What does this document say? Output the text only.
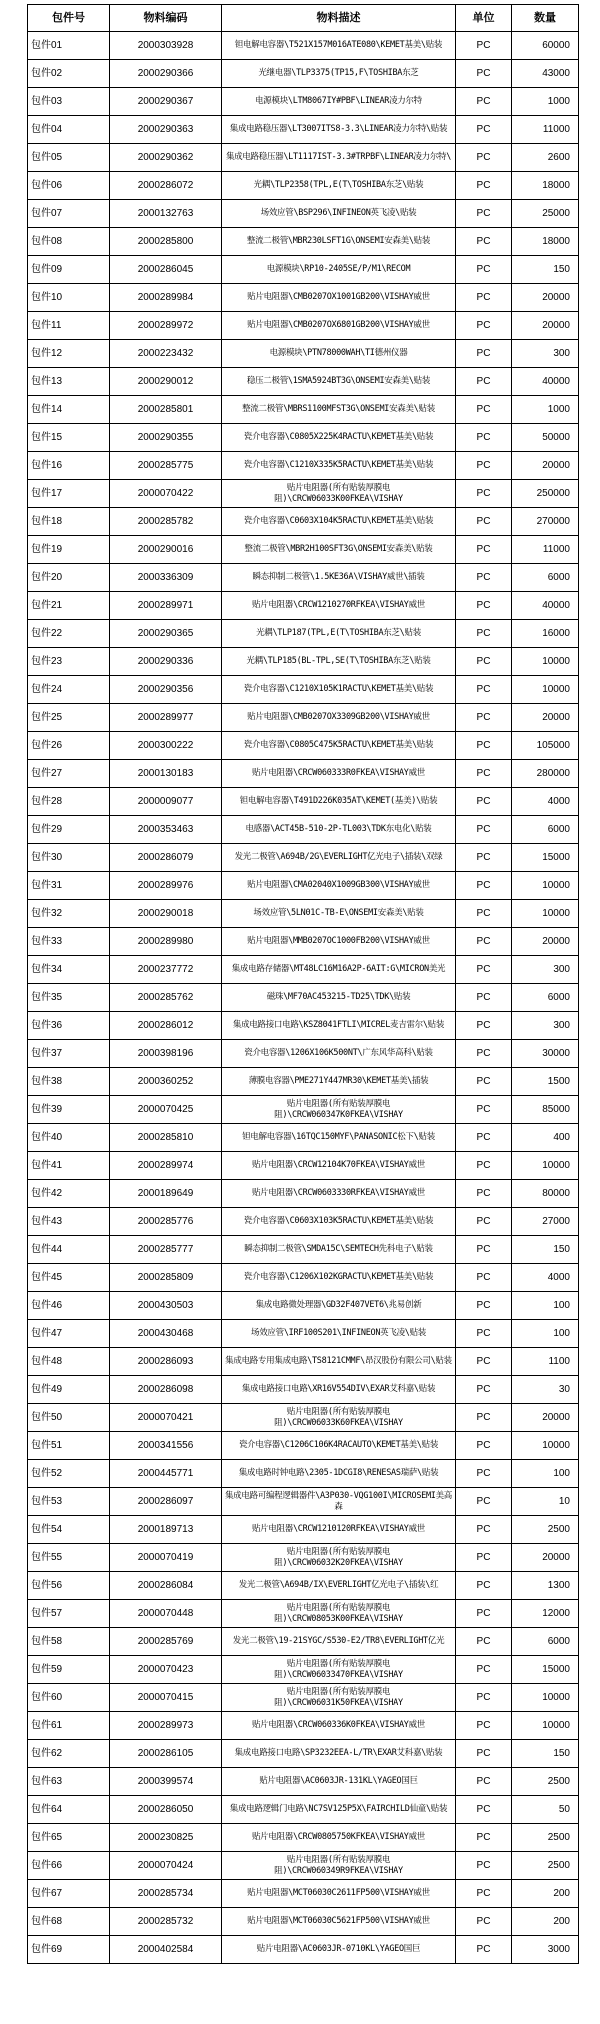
包件号	物料编码	物料描述	单位	数量
包件01	2000303928	钽电解电容器\T521X157M016ATE080\KEMET基美\贴装	PC	60000
包件02	2000290366	光继电器\TLP3375(TP15,F\TOSHIBA东芝	PC	43000
包件03	2000290367	电源模块\LTM8067IY#PBF\LINEAR凌力尔特	PC	1000
包件04	2000290363	集成电路稳压器\LT3007ITS8-3.3\LINEAR凌力尔特\贴装	PC	11000
包件05	2000290362	集成电路稳压器\LT1117IST-3.3#TRPBF\LINEAR凌力尔特\	PC	2600
包件06	2000286072	光耦\TLP2358(TPL,E(T\TOSHIBA东芝\贴装	PC	18000
包件07	2000132763	场效应管\BSP296\INFINEON英飞凌\贴装	PC	25000
包件08	2000285800	整流二极管\MBR230LSFT1G\ONSEMI安森美\贴装	PC	18000
包件09	2000286045	电源模块\RP10-2405SE/P/M1\RECOM	PC	150
包件10	2000289984	贴片电阻器\CMB0207OX1001GB200\VISHAY威世	PC	20000
包件11	2000289972	贴片电阻器\CMB0207OX6801GB200\VISHAY威世	PC	20000
包件12	2000223432	电源模块\PTN78000WAH\TI德州仪器	PC	300
包件13	2000290012	稳压二极管\1SMA5924BT3G\ONSEMI安森美\贴装	PC	40000
包件14	2000285801	整流二极管\MBRS1100MFST3G\ONSEMI安森美\贴装	PC	1000
包件15	2000290355	瓷介电容器\C0805X225K4RACTU\KEMET基美\贴装	PC	50000
包件16	2000285775	瓷介电容器\C1210X335K5RACTU\KEMET基美\贴装	PC	20000
包件17	2000070422	贴片电阻器(所有贴装厚膜电阻)\CRCW06033K00FKEA\VISHAY	PC	250000
包件18	2000285782	瓷介电容器\C0603X104K5RACTU\KEMET基美\贴装	PC	270000
包件19	2000290016	整流二极管\MBR2H100SFT3G\ONSEMI安森美\贴装	PC	11000
包件20	2000336309	瞬态抑制二极管\1.5KE36A\VISHAY威世\插装	PC	6000
包件21	2000289971	贴片电阻器\CRCW1210270RFKEA\VISHAY威世	PC	40000
包件22	2000290365	光耦\TLP187(TPL,E(T\TOSHIBA东芝\贴装	PC	16000
包件23	2000290336	光耦\TLP185(BL-TPL,SE(T\TOSHIBA东芝\贴装	PC	10000
包件24	2000290356	瓷介电容器\C1210X105K1RACTU\KEMET基美\贴装	PC	10000
包件25	2000289977	贴片电阻器\CMB0207OX3309GB200\VISHAY威世	PC	20000
包件26	2000300222	瓷介电容器\C0805C475K5RACTU\KEMET基美\贴装	PC	105000
包件27	2000130183	贴片电阻器\CRCW060333R0FKEA\VISHAY威世	PC	280000
包件28	2000009077	钽电解电容器\T491D226K035AT\KEMET(基美)\贴装	PC	4000
包件29	2000353463	电感器\ACT45B-510-2P-TL003\TDK东电化\贴装	PC	6000
包件30	2000286079	发光二极管\A694B/2G\EVERLIGHT亿光电子\插装\双绿	PC	15000
包件31	2000289976	贴片电阻器\CMA02040X1009GB300\VISHAY威世	PC	10000
包件32	2000290018	场效应管\5LN01C-TB-E\ONSEMI安森美\贴装	PC	10000
包件33	2000289980	贴片电阻器\MMB0207OC1000FB200\VISHAY威世	PC	20000
包件34	2000237772	集成电路存储器\MT48LC16M16A2P-6AIT:G\MICRON美光	PC	300
包件35	2000285762	磁珠\MF70AC453215-TD25\TDK\贴装	PC	6000
包件36	2000286012	集成电路接口电路\KSZ8041FTLI\MICREL麦吉雷尔\贴装	PC	300
包件37	2000398196	瓷介电容器\1206X106K500NT\广东风华高科\贴装	PC	30000
包件38	2000360252	薄膜电容器\PME271Y447MR30\KEMET基美\插装	PC	1500
包件39	2000070425	贴片电阻器(所有贴装厚膜电阻)\CRCW060347K0FKEA\VISHAY	PC	85000
包件40	2000285810	钽电解电容器\16TQC150MYF\PANASONIC松下\贴装	PC	400
包件41	2000289974	贴片电阻器\CRCW12104K70FKEA\VISHAY威世	PC	10000
包件42	2000189649	贴片电阻器\CRCW0603330RFKEA\VISHAY威世	PC	80000
包件43	2000285776	瓷介电容器\C0603X103K5RACTU\KEMET基美\贴装	PC	27000
包件44	2000285777	瞬态抑制二极管\SMDA15C\SEMTECH先科电子\贴装	PC	150
包件45	2000285809	瓷介电容器\C1206X102KGRACTU\KEMET基美\贴装	PC	4000
包件46	2000430503	集成电路微处理器\GD32F407VET6\兆易创新	PC	100
包件47	2000430468	场效应管\IRF100S201\INFINEON英飞凌\贴装	PC	100
包件48	2000286093	集成电路专用集成电路\TS8121CMMF\昂汉股份有限公司\贴装	PC	1100
包件49	2000286098	集成电路接口电路\XR16V554DIV\EXAR艾科嘉\贴装	PC	30
包件50	2000070421	贴片电阻器(所有贴装厚膜电阻)\CRCW06033K60FKEA\VISHAY	PC	20000
包件51	2000341556	瓷介电容器\C1206C106K4RACAUTO\KEMET基美\贴装	PC	10000
包件52	2000445771	集成电路时钟电路\2305-1DCGI8\RENESAS瑞萨\贴装	PC	100
包件53	2000286097	集成电路可编程逻辑器件\A3P030-VQG100I\MICROSEMI美高森	PC	10
包件54	2000189713	贴片电阻器\CRCW1210120RFKEA\VISHAY威世	PC	2500
包件55	2000070419	贴片电阻器(所有贴装厚膜电阻)\CRCW06032K20FKEA\VISHAY	PC	20000
包件56	2000286084	发光二极管\A694B/IX\EVERLIGHT亿光电子\插装\红	PC	1300
包件57	2000070448	贴片电阻器(所有贴装厚膜电阻)\CRCW08053K00FKEA\VISHAY	PC	12000
包件58	2000285769	发光二极管\19-21SYGC/S530-E2/TR8\EVERLIGHT亿光	PC	6000
包件59	2000070423	贴片电阻器(所有贴装厚膜电阻)\CRCW06033470FKEA\VISHAY	PC	15000
包件60	2000070415	贴片电阻器(所有贴装厚膜电阻)\CRCW06031K50FKEA\VISHAY	PC	10000
包件61	2000289973	贴片电阻器\CRCW060336K0FKEA\VISHAY威世	PC	10000
包件62	2000286105	集成电路接口电路\SP3232EEA-L/TR\EXAR艾科嘉\贴装	PC	150
包件63	2000399574	贴片电阻器\AC0603JR-131KL\YAGEO国巨	PC	2500
包件64	2000286050	集成电路逻辑门电路\NC7SV125P5X\FAIRCHILD仙童\贴装	PC	50
包件65	2000230825	贴片电阻器\CRCW0805750KFKEA\VISHAY威世	PC	2500
包件66	2000070424	贴片电阻器(所有贴装厚膜电阻)\CRCW060349R9FKEA\VISHAY	PC	2500
包件67	2000285734	贴片电阻器\MCT06030C2611FP500\VISHAY威世	PC	200
包件68	2000285732	贴片电阻器\MCT06030C5621FP500\VISHAY威世	PC	200
包件69	2000402584	贴片电阻器\AC0603JR-0710KL\YAGEO国巨	PC	3000
